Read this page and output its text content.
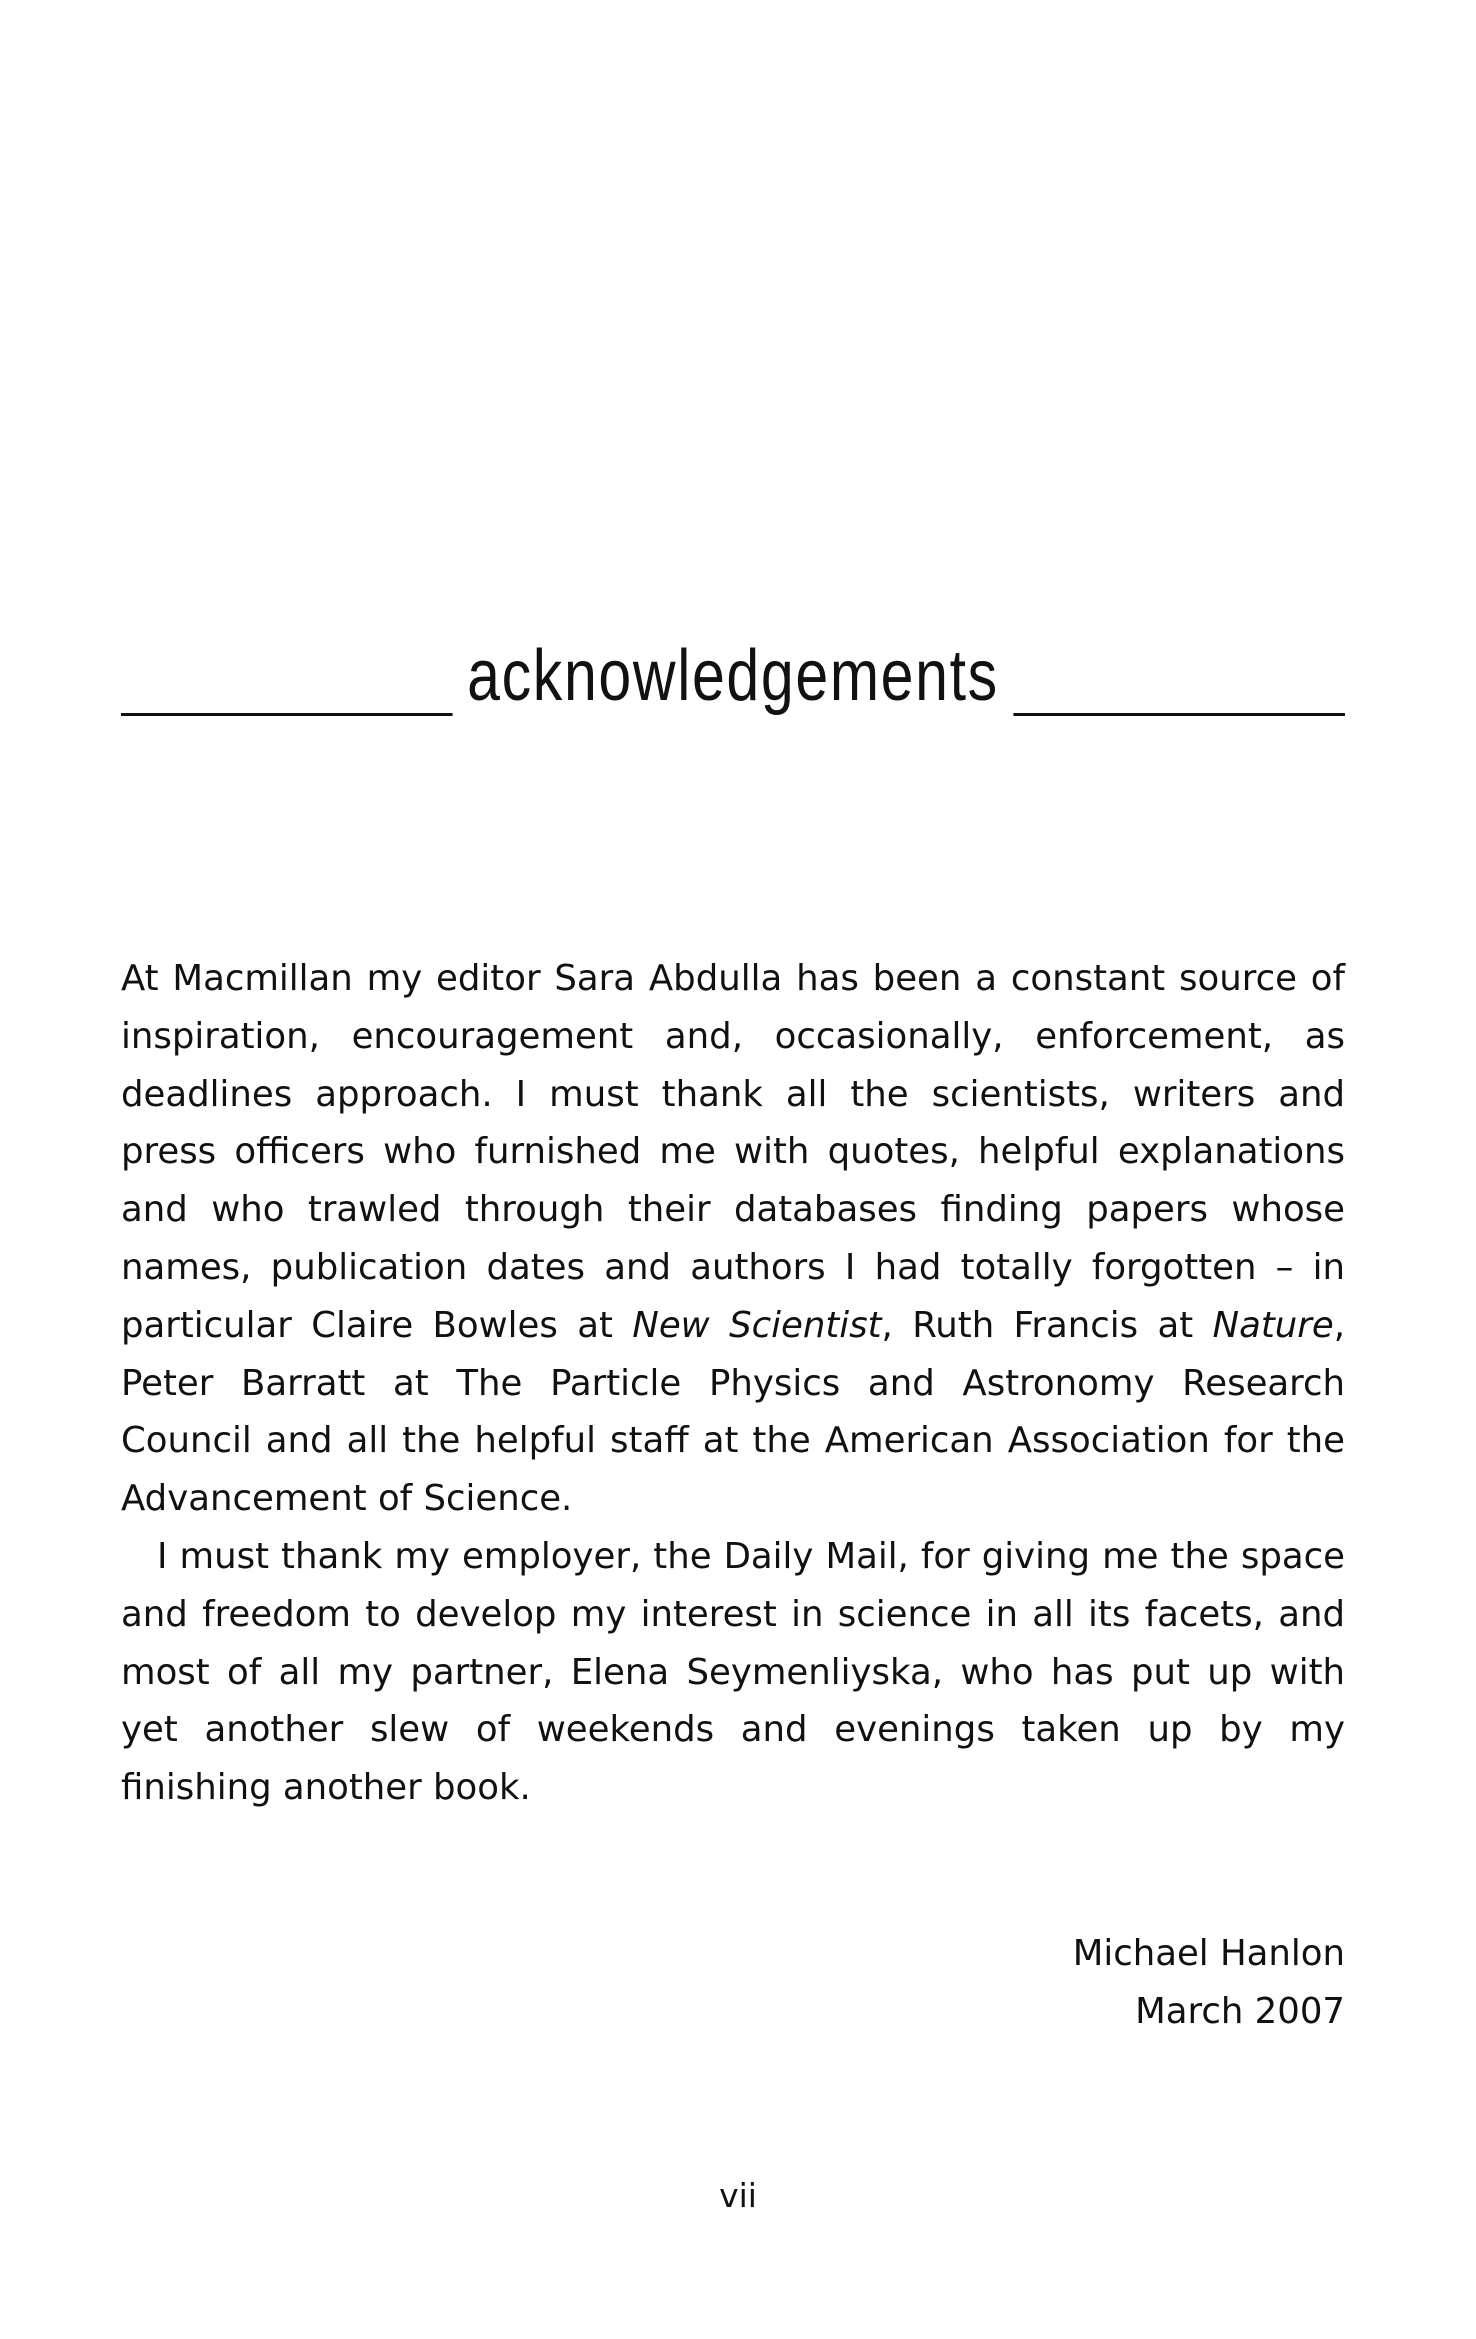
acknowledgements

At Macmillan my editor Sara Abdulla has been a constant source of inspiration, encouragement and, occasionally, enforcement, as deadlines approach. I must thank all the scientists, writers and press officers who furnished me with quotes, helpful explanations and who trawled through their databases finding papers whose names, publication dates and authors I had totally forgotten – in particular Claire Bowles at New Scientist, Ruth Francis at Nature, Peter Barratt at The Particle Physics and Astronomy Research Council and all the helpful staff at the American Association for the Advancement of Science.

I must thank my employer, the Daily Mail, for giving me the space and freedom to develop my interest in science in all its facets, and most of all my partner, Elena Seymenliyska, who has put up with yet another slew of weekends and evenings taken up by my finishing another book.

Michael Hanlon
March 2007
vii
